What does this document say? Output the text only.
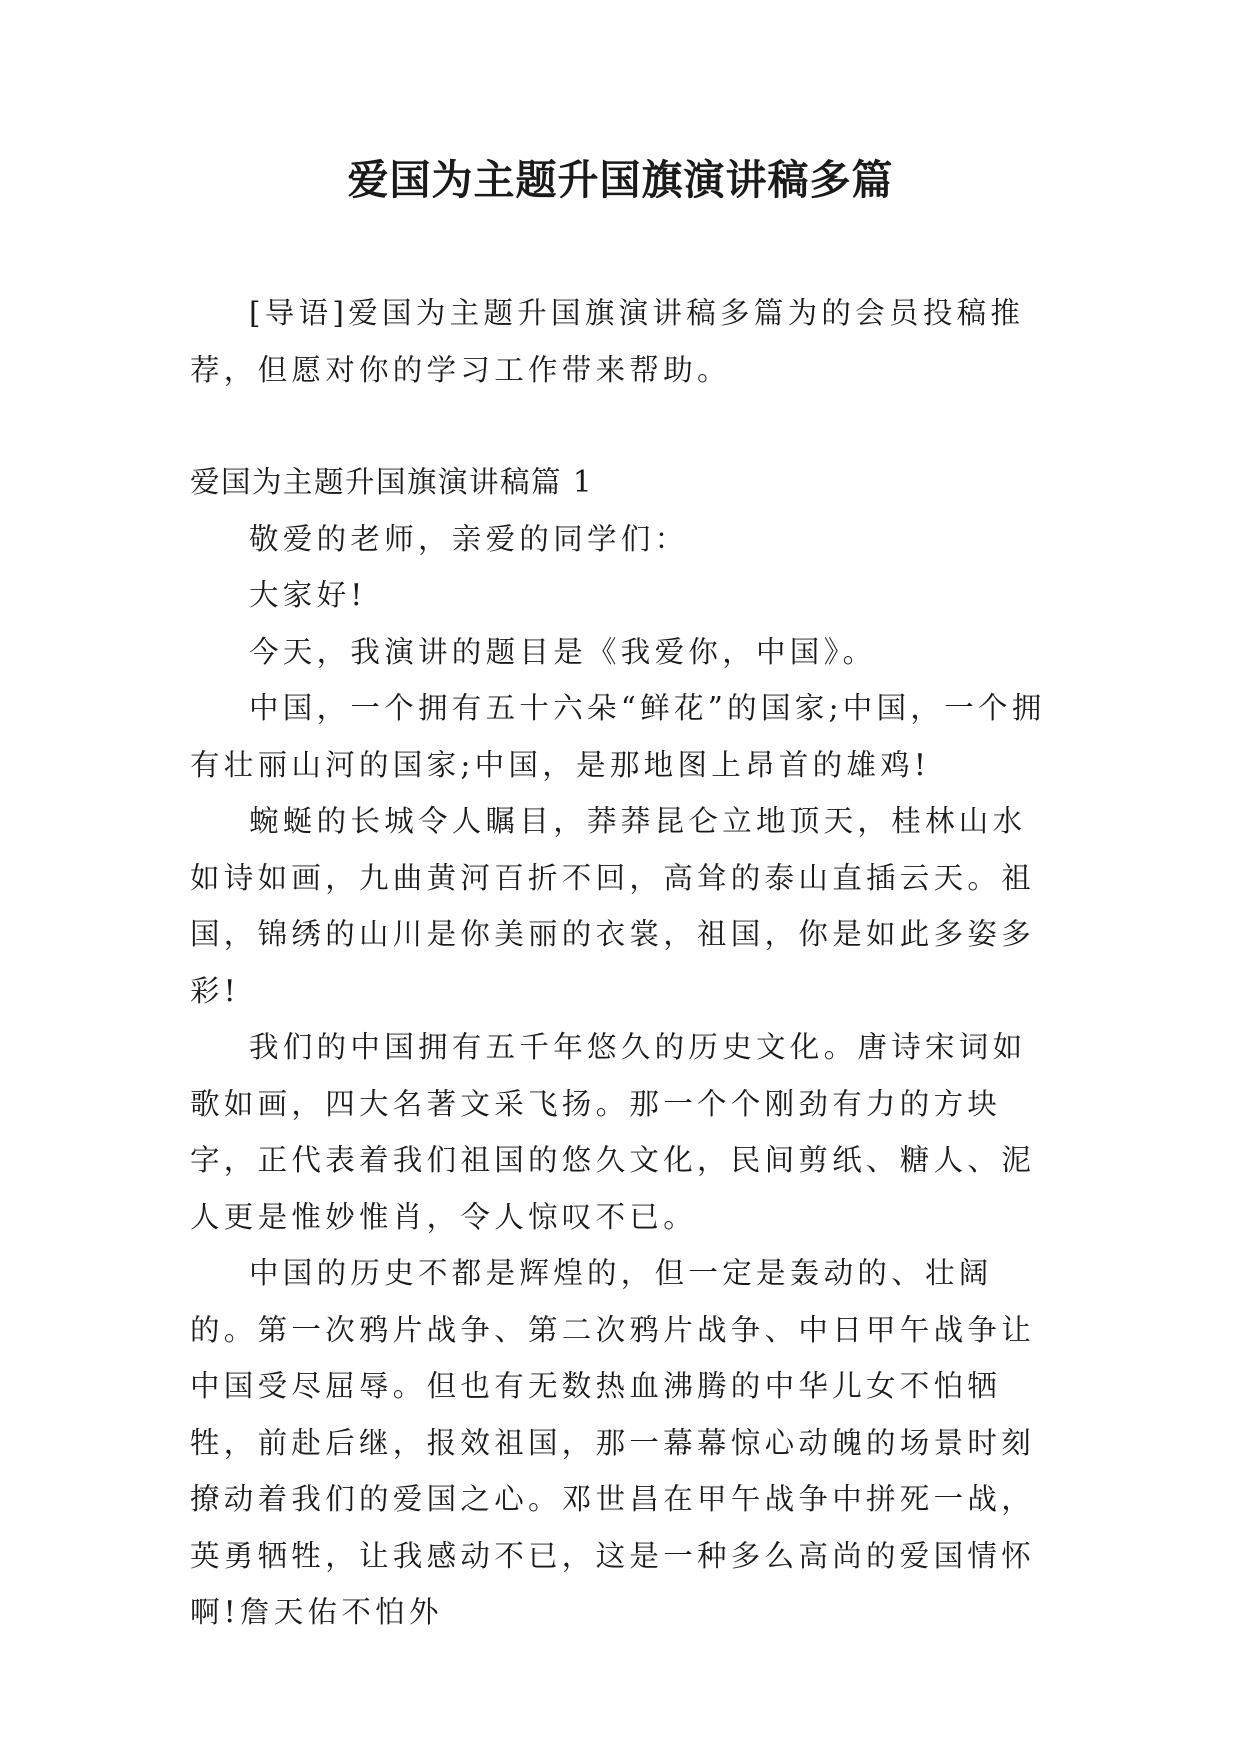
爱国为主题升国旗演讲稿多篇

[导语]爱国为主题升国旗演讲稿多篇为的会员投稿推荐，但愿对你的学习工作带来帮助。

爱国为主题升国旗演讲稿篇 1

敬爱的老师，亲爱的同学们：

大家好!

今天，我演讲的题目是《我爱你，中国》。

中国，一个拥有五十六朵“鲜花”的国家;中国，一个拥有壮丽山河的国家;中国，是那地图上昂首的雄鸡!

蜿蜒的长城令人瞩目，莽莽昆仑立地顶天，桂林山水如诗如画，九曲黄河百折不回，高耸的泰山直插云天。祖国，锦绣的山川是你美丽的衣裳，祖国，你是如此多姿多彩!

我们的中国拥有五千年悠久的历史文化。唐诗宋词如歌如画，四大名著文采飞扬。那一个个刚劲有力的方块字，正代表着我们祖国的悠久文化，民间剪纸、糖人、泥人更是惟妙惟肖，令人惊叹不已。

中国的历史不都是辉煌的，但一定是轰动的、壮阔的。第一次鸦片战争、第二次鸦片战争、中日甲午战争让中国受尽屈辱。但也有无数热血沸腾的中华儿女不怕牺牲，前赴后继，报效祖国，那一幕幕惊心动魄的场景时刻撩动着我们的爱国之心。邓世昌在甲午战争中拼死一战，英勇牺牲，让我感动不已，这是一种多么高尚的爱国情怀啊!詹天佑不怕外
